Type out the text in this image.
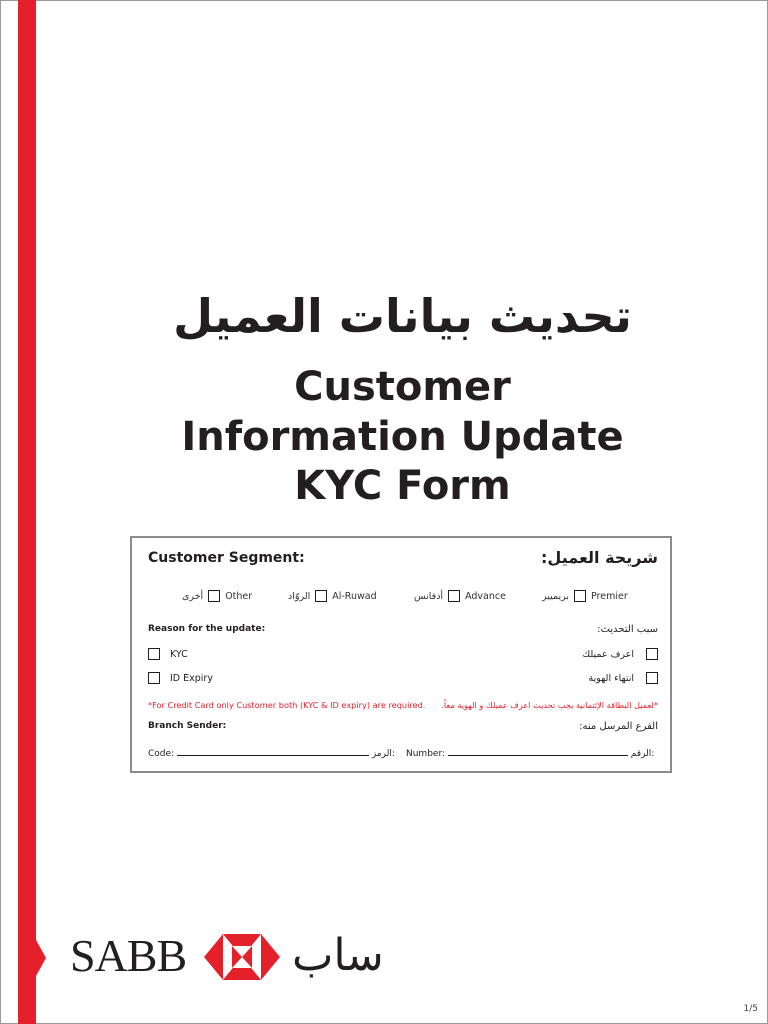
تحديث بيانات العميل
Customer
Information Update
KYC Form
Customer Segment:	شريحة العميل:
بريميير Premier
أدفانس Advance
الروّاد Al-Ruwad
أخرى Other
Reason for the update:	سبب التحديث:
KYC	اعرف عميلك
ID Expiry	انتهاء الهوية
*For Credit Card only Customer both (KYC & ID expiry) are required. *لعميل البطاقة الإئتمانية يجب تحديث اعرف عميلك و الهوية معاً.
Branch Sender:	الفرع المرسل منه:
Code:	الرمز: Number:	الرقم:
SABB ساب
1/5
